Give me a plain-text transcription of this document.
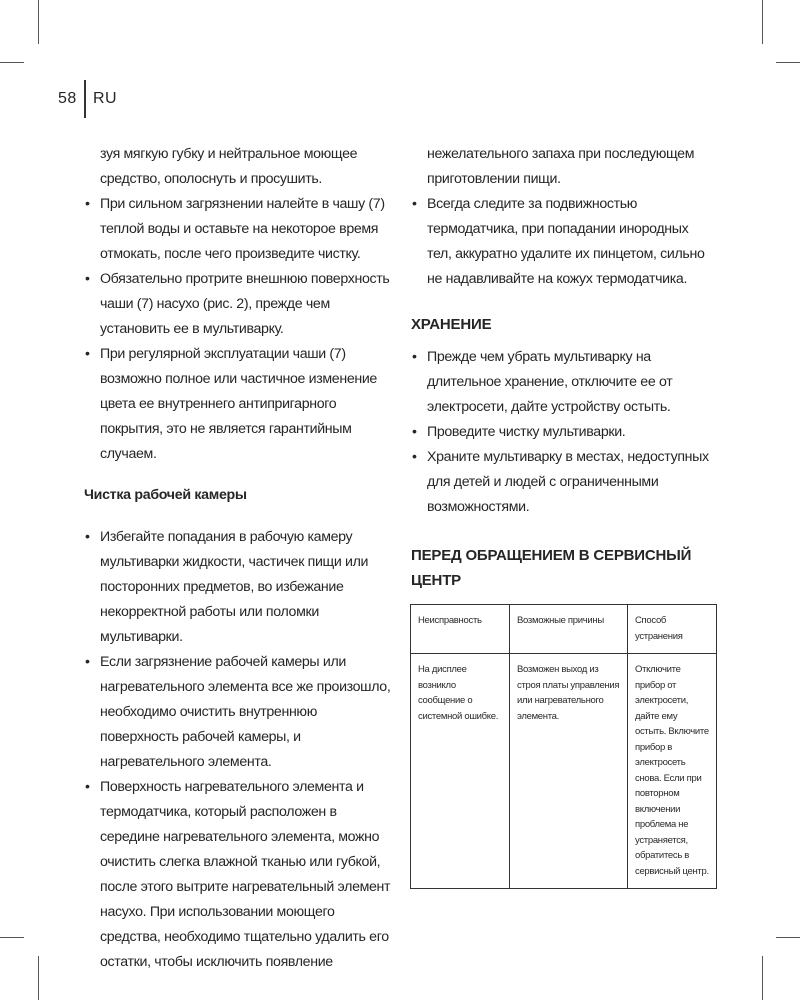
58 RU

зуя мягкую губку и нейтральное моющее средство, ополоснуть и просушить.

• При сильном загрязнении налейте в чашу (7) теплой воды и оставьте на некоторое время отмокать, после чего произведите чистку.

• Обязательно протрите внешнюю поверхность чаши (7) насухо (рис. 2), прежде чем установить ее в мультиварку.

• При регулярной эксплуатации чаши (7) возможно полное или частичное изменение цвета ее внутреннего антипригарного покрытия, это не является гарантийным случаем.

Чистка рабочей камеры

• Избегайте попадания в рабочую камеру мультиварки жидкости, частичек пищи или посторонних предметов, во избежание некорректной работы или поломки мультиварки.

• Если загрязнение рабочей камеры или нагревательного элемента все же произошло, необходимо очистить внутреннюю поверхность рабочей камеры, и нагревательного элемента.

• Поверхность нагревательного элемента и термодатчика, который расположен в середине нагревательного элемента, можно очистить слегка влажной тканью или губкой, после этого вытрите нагревательный элемент насухо. При использовании моющего средства, необходимо тщательно удалить его остатки, чтобы исключить появление

нежелательного запаха при последующем приготовлении пищи.

• Всегда следите за подвижностью термодатчика, при попадании инородных тел, аккуратно удалите их пинцетом, сильно не надавливайте на кожух термодатчика.

ХРАНЕНИЕ

• Прежде чем убрать мультиварку на длительное хранение, отключите ее от электросети, дайте устройству остыть.

• Проведите чистку мультиварки.

• Храните мультиварку в местах, недоступных для детей и людей с ограниченными возможностями.

ПЕРЕД ОБРАЩЕНИЕМ В СЕРВИСНЫЙ ЦЕНТР
Неисправность	Возможные причины	Способ устранения
На дисплее возникло сообщение о системной ошибке.	Возможен выход из строя платы управления или нагревательного элемента.	Отключите прибор от электросети, дайте ему остыть. Включите прибор в электросеть снова. Если при повторном включении проблема не устраняется, обратитесь в сервисный центр.
